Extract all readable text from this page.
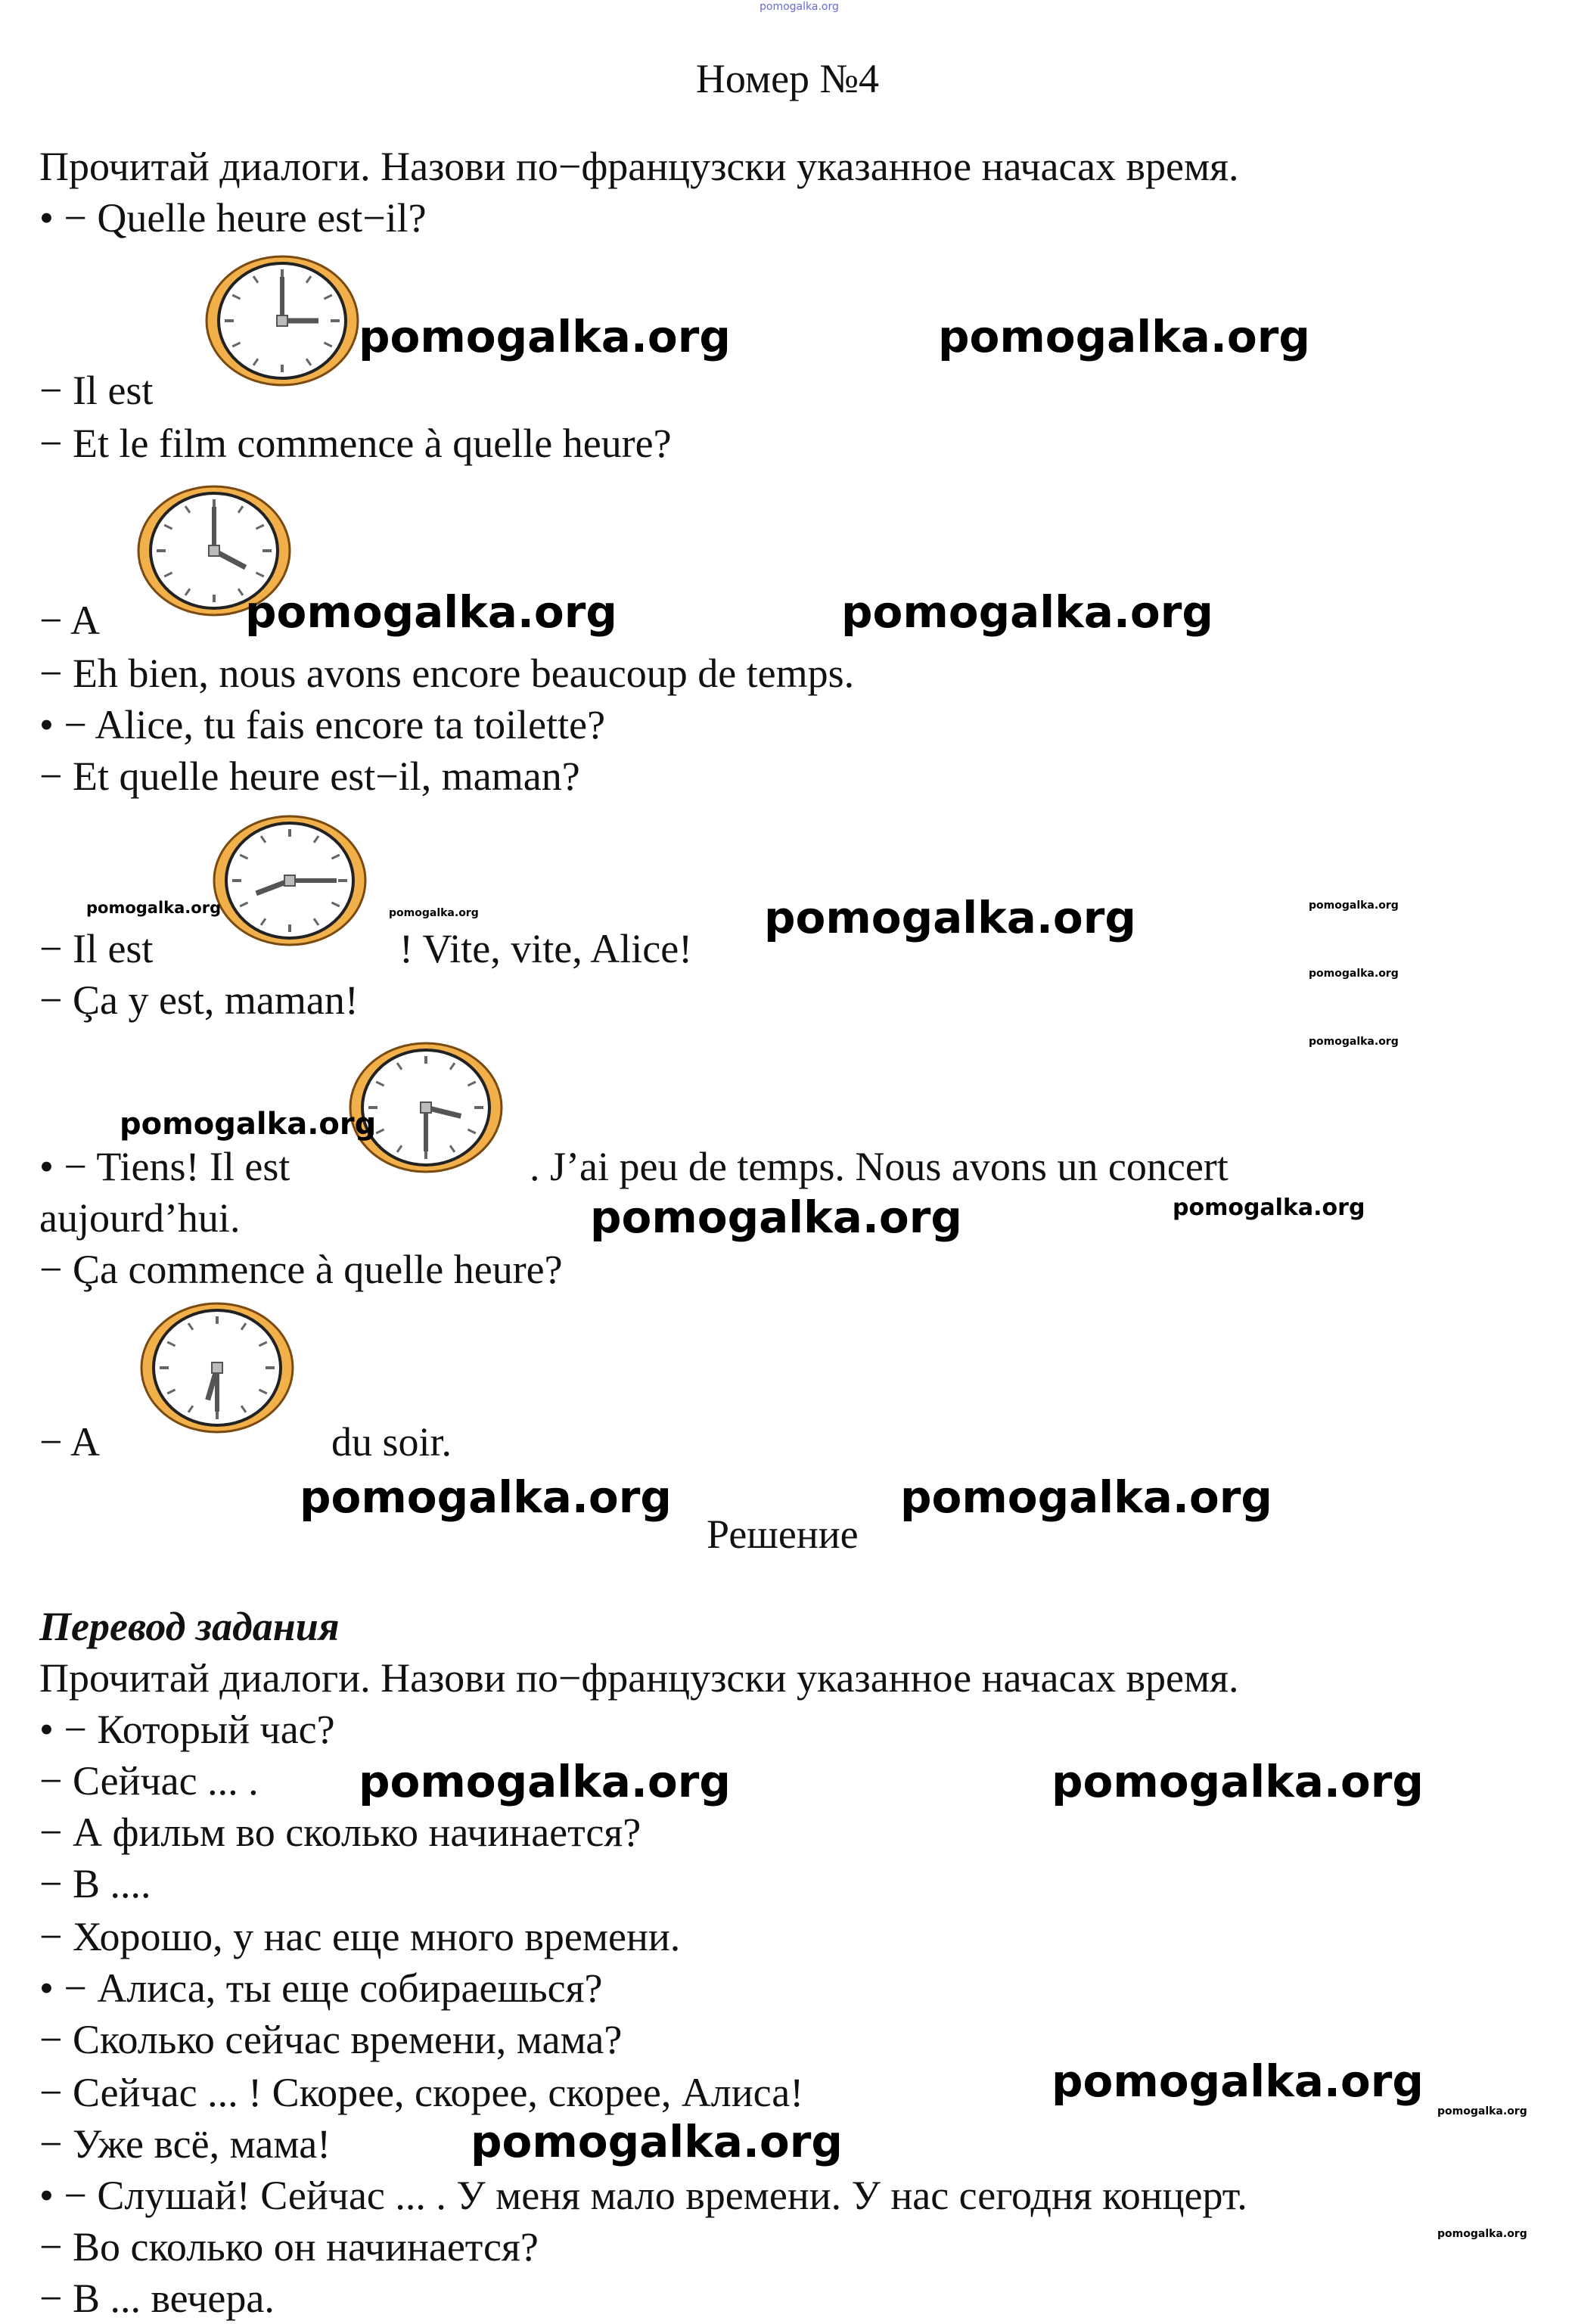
pomogalka.org
Номер №4
Прочитай диалоги. Назови по−французски указанное начасах время.
• − Quelle heure est−il?
− Il est
− Et le film commence à quelle heure?
− A
− Eh bien, nous avons encore beaucoup de temps.
• − Alice, tu fais encore ta toilette?
− Et quelle heure est−il, maman?
− Il est	! Vite, vite, Alice!
− Ça y est, maman!
• − Tiens! Il est	. J’ai peu de temps. Nous avons un concert
aujourd’hui.
− Ça commence à quelle heure?
− A	du soir.
Решение
Перевод задания
Прочитай диалоги. Назови по−французски указанное начасах время.
• − Который час?
− Сейчас ... .
− А фильм во сколько начинается?
− В ....
− Хорошо, у нас еще много времени.
• − Алиса, ты еще собираешься?
− Сколько сейчас времени, мама?
− Сейчас ... ! Скорее, скорее, скорее, Алиса!
− Уже всё, мама!
• − Слушай! Сейчас ... . У меня мало времени. У нас сегодня концерт.
− Во сколько он начинается?
− В ... вечера.
pomogalka.org	pomogalka.org
pomogalka.org	pomogalka.org
pomogalka.org	pomogalka.org	pomogalka.org	pomogalka.org
pomogalka.org
pomogalka.org
pomogalka.org
pomogalka.org	pomogalka.org
pomogalka.org	pomogalka.org
pomogalka.org	pomogalka.org
pomogalka.org
pomogalka.org
pomogalka.org
pomogalka.org
